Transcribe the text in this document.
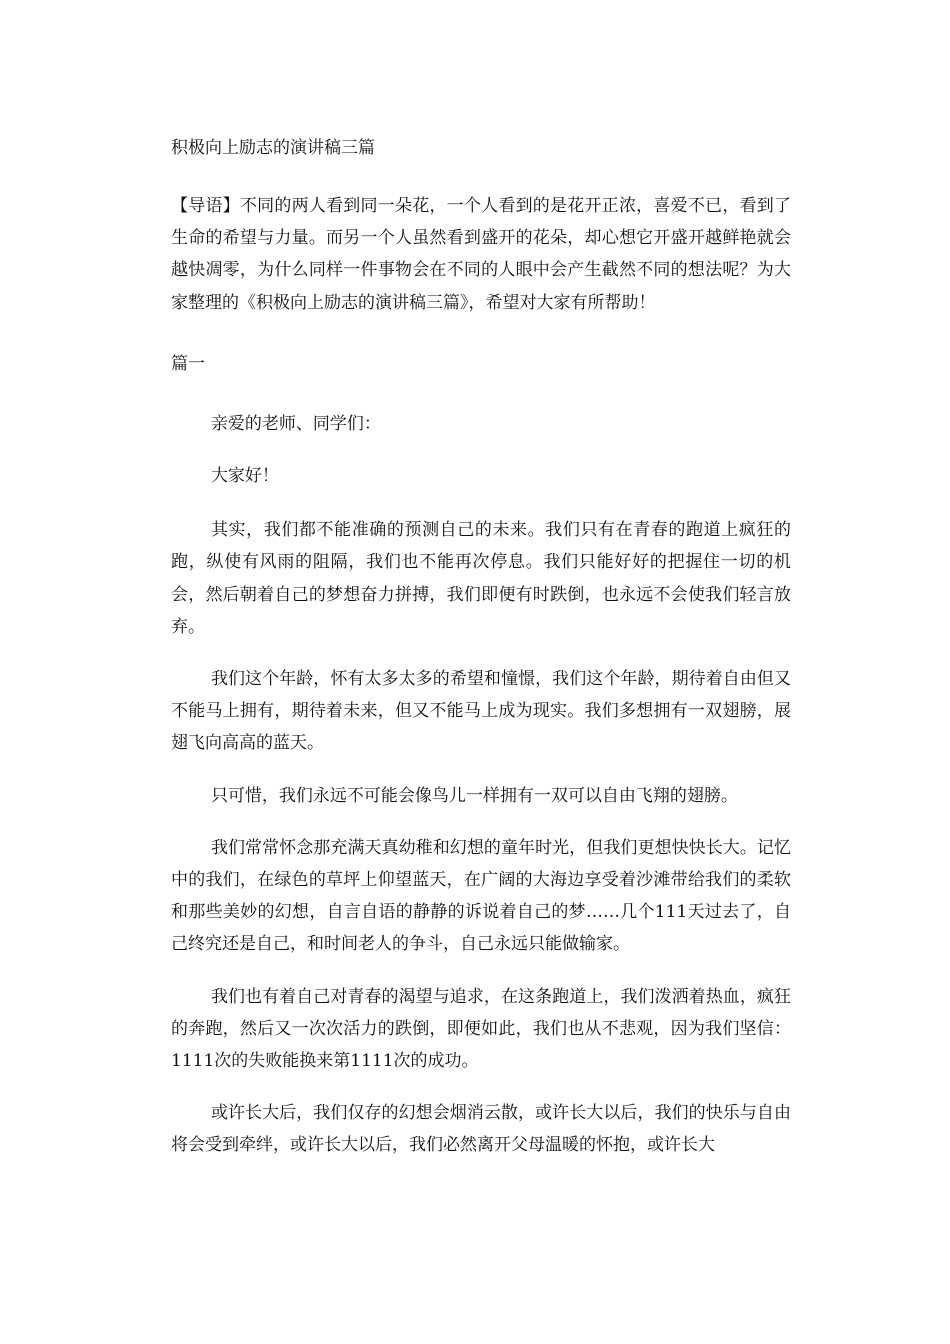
积极向上励志的演讲稿三篇

【导语】不同的两人看到同一朵花，一个人看到的是花开正浓，喜爱不已，看到了生命的希望与力量。而另一个人虽然看到盛开的花朵，却心想它开盛开越鲜艳就会越快凋零，为什么同样一件事物会在不同的人眼中会产生截然不同的想法呢？为大家整理的《积极向上励志的演讲稿三篇》，希望对大家有所帮助！

篇一

亲爱的老师、同学们：

大家好！

其实，我们都不能准确的预测自己的未来。我们只有在青春的跑道上疯狂的跑，纵使有风雨的阻隔，我们也不能再次停息。我们只能好好的把握住一切的机会，然后朝着自己的梦想奋力拼搏，我们即便有时跌倒，也永远不会使我们轻言放弃。

我们这个年龄，怀有太多太多的希望和憧憬，我们这个年龄，期待着自由但又不能马上拥有，期待着未来，但又不能马上成为现实。我们多想拥有一双翅膀，展翅飞向高高的蓝天。

只可惜，我们永远不可能会像鸟儿一样拥有一双可以自由飞翔的翅膀。

我们常常怀念那充满天真幼稚和幻想的童年时光，但我们更想快快长大。记忆中的我们，在绿色的草坪上仰望蓝天，在广阔的大海边享受着沙滩带给我们的柔软和那些美妙的幻想，自言自语的静静的诉说着自己的梦……几个111天过去了，自己终究还是自己，和时间老人的争斗，自己永远只能做输家。

我们也有着自己对青春的渴望与追求，在这条跑道上，我们泼洒着热血，疯狂的奔跑，然后又一次次活力的跌倒，即便如此，我们也从不悲观，因为我们坚信：1111次的失败能换来第1111次的成功。

或许长大后，我们仅存的幻想会烟消云散，或许长大以后，我们的快乐与自由将会受到牵绊，或许长大以后，我们必然离开父母温暖的怀抱，或许长大
